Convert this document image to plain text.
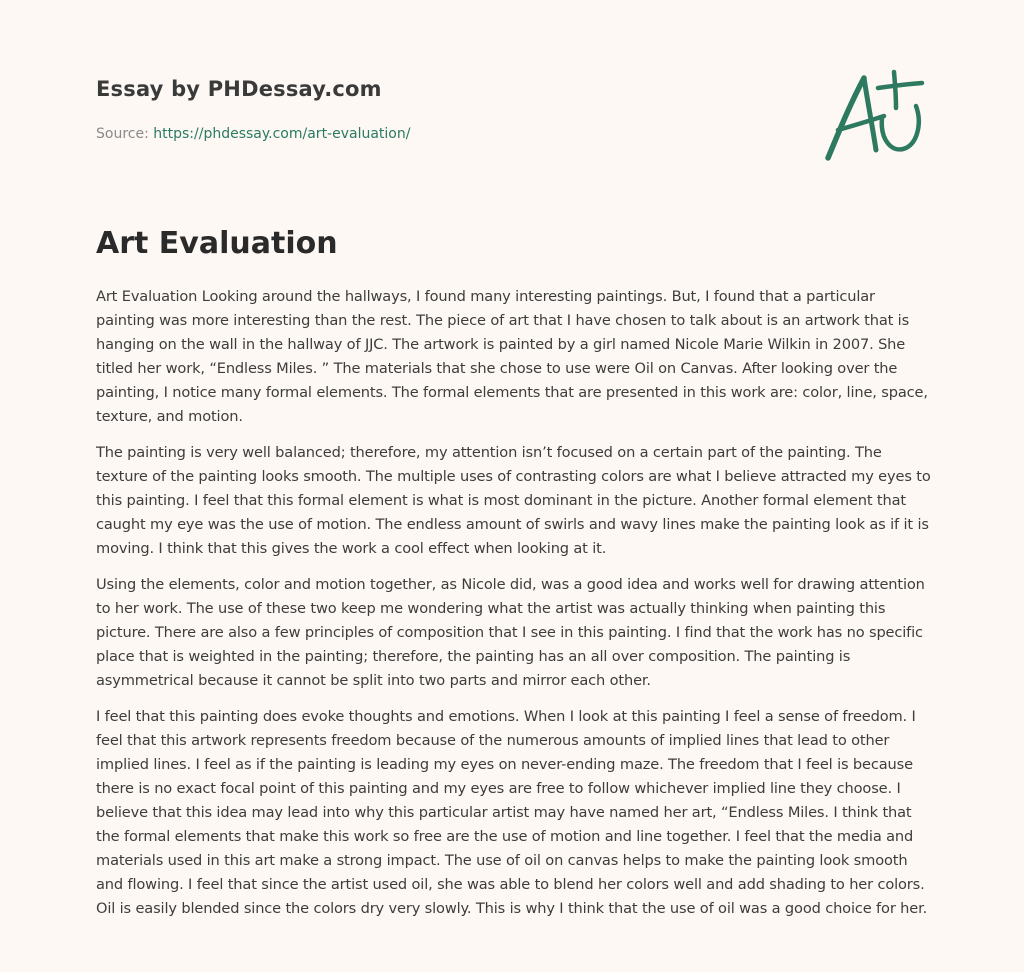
Essay by PHDessay.com
Source: https://phdessay.com/art-evaluation/
Art Evaluation

Art Evaluation Looking around the hallways, I found many interesting paintings. But, I found that a particular painting was more interesting than the rest. The piece of art that I have chosen to talk about is an artwork that is hanging on the wall in the hallway of JJC. The artwork is painted by a girl named Nicole Marie Wilkin in 2007. She titled her work, “Endless Miles. ” The materials that she chose to use were Oil on Canvas. After looking over the painting, I notice many formal elements. The formal elements that are presented in this work are: color, line, space, texture, and motion.

The painting is very well balanced; therefore, my attention isn’t focused on a certain part of the painting. The texture of the painting looks smooth. The multiple uses of contrasting colors are what I believe attracted my eyes to this painting. I feel that this formal element is what is most dominant in the picture. Another formal element that caught my eye was the use of motion. The endless amount of swirls and wavy lines make the painting look as if it is moving. I think that this gives the work a cool effect when looking at it.

Using the elements, color and motion together, as Nicole did, was a good idea and works well for drawing attention to her work. The use of these two keep me wondering what the artist was actually thinking when painting this picture. There are also a few principles of composition that I see in this painting. I find that the work has no specific place that is weighted in the painting; therefore, the painting has an all over composition. The painting is asymmetrical because it cannot be split into two parts and mirror each other.

I feel that this painting does evoke thoughts and emotions. When I look at this painting I feel a sense of freedom. I feel that this artwork represents freedom because of the numerous amounts of implied lines that lead to other implied lines. I feel as if the painting is leading my eyes on never-ending maze. The freedom that I feel is because there is no exact focal point of this painting and my eyes are free to follow whichever implied line they choose. I believe that this idea may lead into why this particular artist may have named her art, “Endless Miles. I think that the formal elements that make this work so free are the use of motion and line together. I feel that the media and materials used in this art make a strong impact. The use of oil on canvas helps to make the painting look smooth and flowing. I feel that since the artist used oil, she was able to blend her colors well and add shading to her colors. Oil is easily blended since the colors dry very slowly. This is why I think that the use of oil was a good choice for her.
